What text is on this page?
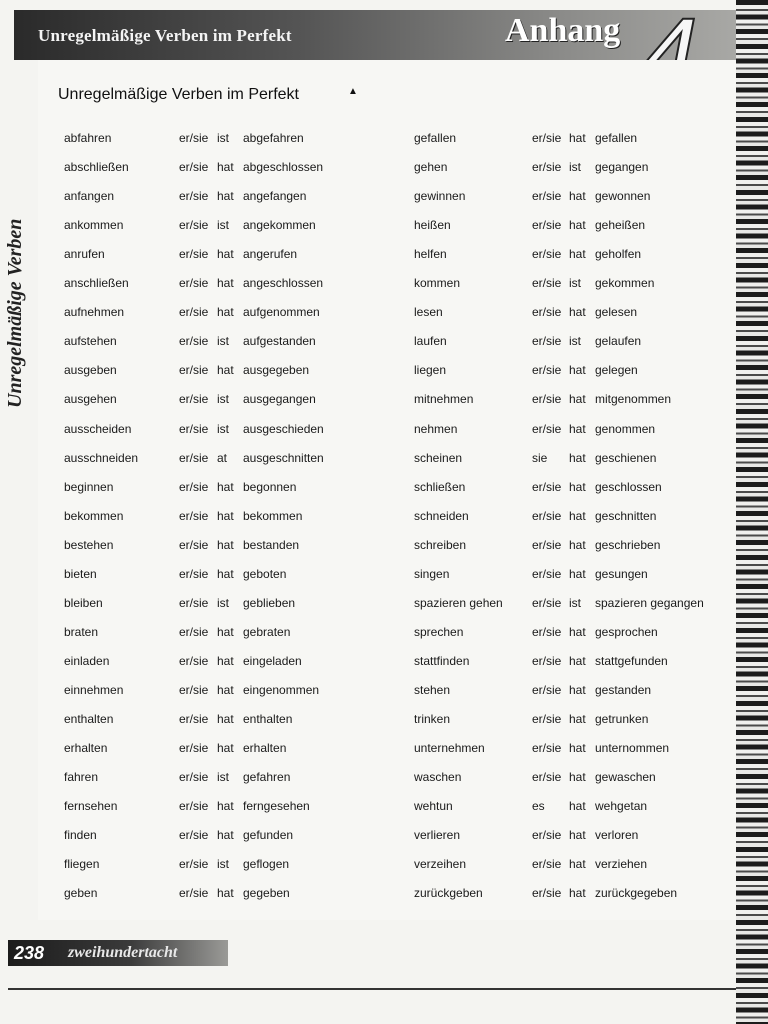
Unregelmäßige Verben im Perfekt	Anhang
Unregelmäßige Verben im Perfekt	▲
Unregelmäßige Verben
abfahren	er/sie ist abgefahren	gefallen	er/sie hat gefallen
abschließen	er/sie hat abgeschlossen	gehen	er/sie ist gegangen
anfangen	er/sie hat angefangen	gewinnen	er/sie hat gewonnen
ankommen	er/sie ist angekommen	heißen	er/sie hat geheißen
anrufen	er/sie hat angerufen	helfen	er/sie hat geholfen
anschließen	er/sie hat angeschlossen	kommen	er/sie ist gekommen
aufnehmen	er/sie hat aufgenommen	lesen	er/sie hat gelesen
aufstehen	er/sie ist aufgestanden	laufen	er/sie ist gelaufen
ausgeben	er/sie hat ausgegeben	liegen	er/sie hat gelegen
ausgehen	er/sie ist ausgegangen	mitnehmen	er/sie hat mitgenommen
ausscheiden	er/sie ist ausgeschieden	nehmen	er/sie hat genommen
ausschneiden	er/sie at ausgeschnitten	scheinen	sie hat geschienen
beginnen	er/sie hat begonnen	schließen	er/sie hat geschlossen
bekommen	er/sie hat bekommen	schneiden	er/sie hat geschnitten
bestehen	er/sie hat bestanden	schreiben	er/sie hat geschrieben
bieten	er/sie hat geboten	singen	er/sie hat gesungen
bleiben	er/sie ist geblieben	spazieren gehen er/sie ist spazieren gegangen
braten	er/sie hat gebraten	sprechen	er/sie hat gesprochen
einladen	er/sie hat eingeladen	stattfinden	er/sie hat stattgefunden
einnehmen	er/sie hat eingenommen	stehen	er/sie hat gestanden
enthalten	er/sie hat enthalten	trinken	er/sie hat getrunken
erhalten	er/sie hat erhalten	unternehmen	er/sie hat unternommen
fahren	er/sie ist gefahren	waschen	er/sie hat gewaschen
fernsehen	er/sie hat ferngesehen	wehtun	es hat wehgetan
finden	er/sie hat gefunden	verlieren	er/sie hat verloren
fliegen	er/sie ist geflogen	verzeihen	er/sie hat verziehen
geben	er/sie hat gegeben	zurückgeben	er/sie hat zurückgegeben
238 zweihundertacht
